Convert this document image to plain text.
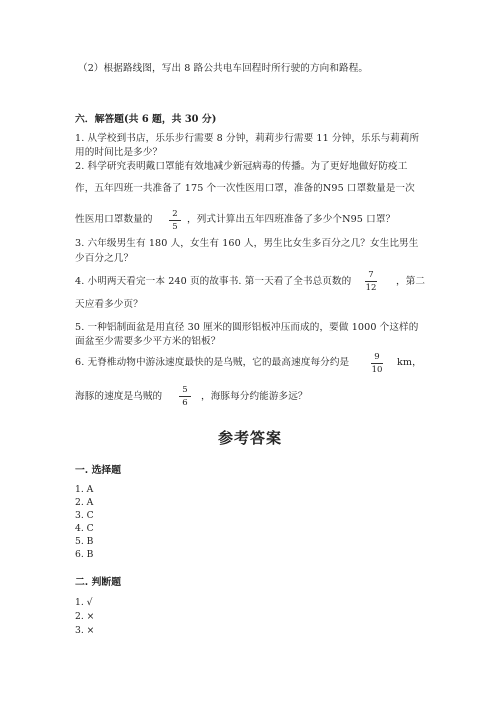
（2）根据路线图，写出 8 路公共电车回程时所行驶的方向和路程。
六．解答题(共 6 题，共 30 分)
1. 从学校到书店，乐乐步行需要 8 分钟，莉莉步行需要 11 分钟，乐乐与莉莉所
用的时间比是多少？
2. 科学研究表明戴口罩能有效地减少新冠病毒的传播。为了更好地做好防疫工
作，五年四班一共准备了 175 个一次性医用口罩，准备的N95 口罩数量是一次
性医用口罩数量的	2
5
，列式计算出五年四班准备了多少个N95 口罩？
3. 六年级男生有 180 人，女生有 160 人，男生比女生多百分之几？女生比男生
少百分之几？
4. 小明两天看完一本 240 页的故事书. 第一天看了全书总页数的
7
12
，第二
天应看多少页？
5. 一种铝制面盆是用直径 30 厘米的圆形铝板冲压而成的，要做 1000 个这样的
面盆至少需要多少平方米的铝板？
6. 无脊椎动物中游泳速度最快的是乌贼，它的最高速度每分约是	9
10
km，
海豚的速度是乌贼的
5
6
，海豚每分约能游多远？
参考答案
一. 选择题
1. A
2. A
3. C
4. C
5. B
6. B
二. 判断题
1. √
2. ×
3. ×
